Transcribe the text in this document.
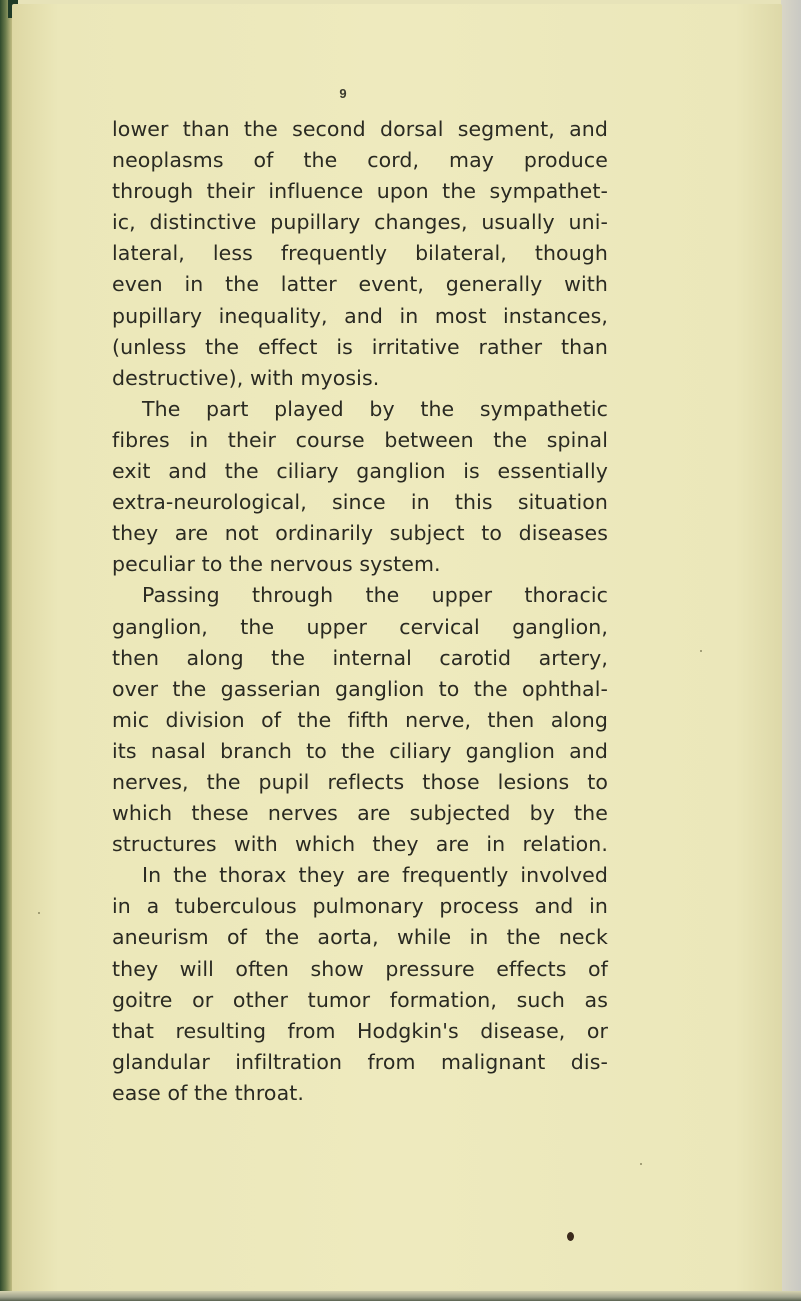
9
lower than the second dorsal segment, and
neoplasms of the cord, may produce
through their influence upon the sympathet-
ic, distinctive pupillary changes, usually uni-
lateral, less frequently bilateral, though
even in the latter event, generally with
pupillary inequality, and in most instances,
(unless the effect is irritative rather than
destructive), with myosis.
The part played by the sympathetic
fibres in their course between the spinal
exit and the ciliary ganglion is essentially
extra-neurological, since in this situation
they are not ordinarily subject to diseases
peculiar to the nervous system.
Passing through the upper thoracic
ganglion, the upper cervical ganglion,
then along the internal carotid artery,
over the gasserian ganglion to the ophthal-
mic division of the fifth nerve, then along
its nasal branch to the ciliary ganglion and
nerves, the pupil reflects those lesions to
which these nerves are subjected by the
structures with which they are in relation.
In the thorax they are frequently involved
in a tuberculous pulmonary process and in
aneurism of the aorta, while in the neck
they will often show pressure effects of
goitre or other tumor formation, such as
that resulting from Hodgkin's disease, or
glandular infiltration from malignant dis-
ease of the throat.
